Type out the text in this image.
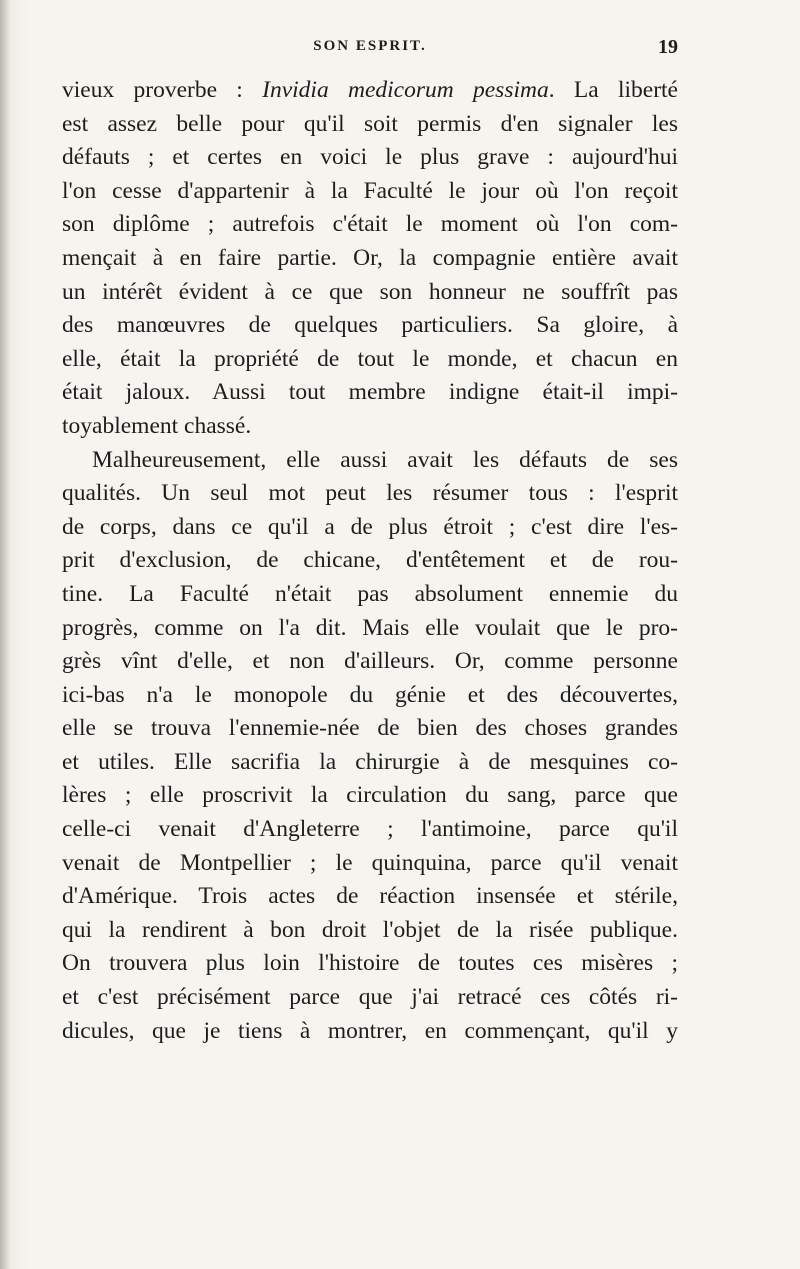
SON ESPRIT.	19
vieux proverbe : Invidia medicorum pessima. La liberté
est assez belle pour qu'il soit permis d'en signaler les
défauts ; et certes en voici le plus grave : aujourd'hui
l'on cesse d'appartenir à la Faculté le jour où l'on reçoit
son diplôme ; autrefois c'était le moment où l'on com-
mençait à en faire partie. Or, la compagnie entière avait
un intérêt évident à ce que son honneur ne souffrît pas
des manœuvres de quelques particuliers. Sa gloire, à
elle, était la propriété de tout le monde, et chacun en
était jaloux. Aussi tout membre indigne était-il impi-
toyablement chassé.
Malheureusement, elle aussi avait les défauts de ses
qualités. Un seul mot peut les résumer tous : l'esprit
de corps, dans ce qu'il a de plus étroit ; c'est dire l'es-
prit d'exclusion, de chicane, d'entêtement et de rou-
tine. La Faculté n'était pas absolument ennemie du
progrès, comme on l'a dit. Mais elle voulait que le pro-
grès vînt d'elle, et non d'ailleurs. Or, comme personne
ici-bas n'a le monopole du génie et des découvertes,
elle se trouva l'ennemie-née de bien des choses grandes
et utiles. Elle sacrifia la chirurgie à de mesquines co-
lères ; elle proscrivit la circulation du sang, parce que
celle-ci venait d'Angleterre ; l'antimoine, parce qu'il
venait de Montpellier ; le quinquina, parce qu'il venait
d'Amérique. Trois actes de réaction insensée et stérile,
qui la rendirent à bon droit l'objet de la risée publique.
On trouvera plus loin l'histoire de toutes ces misères ;
et c'est précisément parce que j'ai retracé ces côtés ri-
dicules, que je tiens à montrer, en commençant, qu'il y
